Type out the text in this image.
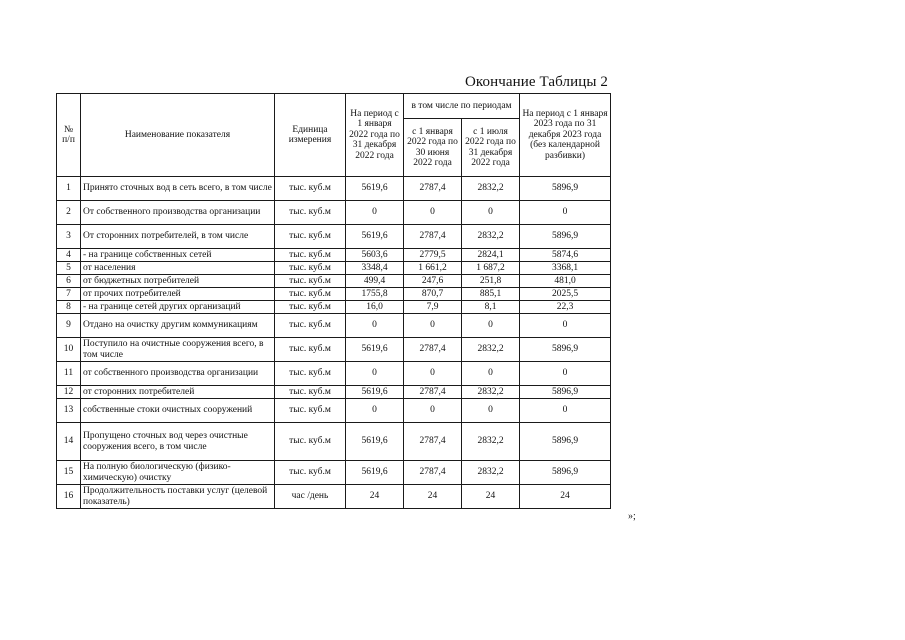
Окончание Таблицы 2
№ п/п	Наименование показателя	Единица измерения	На период с 1 января 2022 года по 31 декабря 2022 года	в том числе по периодам		На период с 1 января 2023 года по 31 декабря 2023 года (без календарной разбивки)
				с 1 января 2022 года по 30 июня 2022 года	с 1 июля 2022 года по 31 декабря 2022 года	
1	Принято сточных вод в сеть всего, в том числе	тыс. куб.м	5619,6	2787,4	2832,2	5896,9
2	От собственного производства организации	тыс. куб.м	0	0	0	0
3	От сторонних потребителей, в том числе	тыс. куб.м	5619,6	2787,4	2832,2	5896,9
4	- на границе собственных сетей	тыс. куб.м	5603,6	2779,5	2824,1	5874,6
5	от населения	тыс. куб.м	3348,4	1 661,2	1 687,2	3368,1
6	от бюджетных потребителей	тыс. куб.м	499,4	247,6	251,8	481,0
7	от прочих потребителей	тыс. куб.м	1755,8	870,7	885,1	2025,5
8	- на границе сетей других организаций	тыс. куб.м	16,0	7,9	8,1	22,3
9	Отдано на очистку другим коммуникациям	тыс. куб.м	0	0	0	0
10	Поступило на очистные сооружения всего, в том числе	тыс. куб.м	5619,6	2787,4	2832,2	5896,9
11	от собственного производства организации	тыс. куб.м	0	0	0	0
12	от сторонних потребителей	тыс. куб.м	5619,6	2787,4	2832,2	5896,9
13	собственные стоки очистных сооружений	тыс. куб.м	0	0	0	0
14	Пропущено сточных вод через очистные сооружения всего, в том числе	тыс. куб.м	5619,6	2787,4	2832,2	5896,9
15	На полную биологическую (физико-химическую) очистку	тыс. куб.м	5619,6	2787,4	2832,2	5896,9
16	Продолжительность поставки услуг (целевой показатель)	час /день	24	24	24	24
»;
